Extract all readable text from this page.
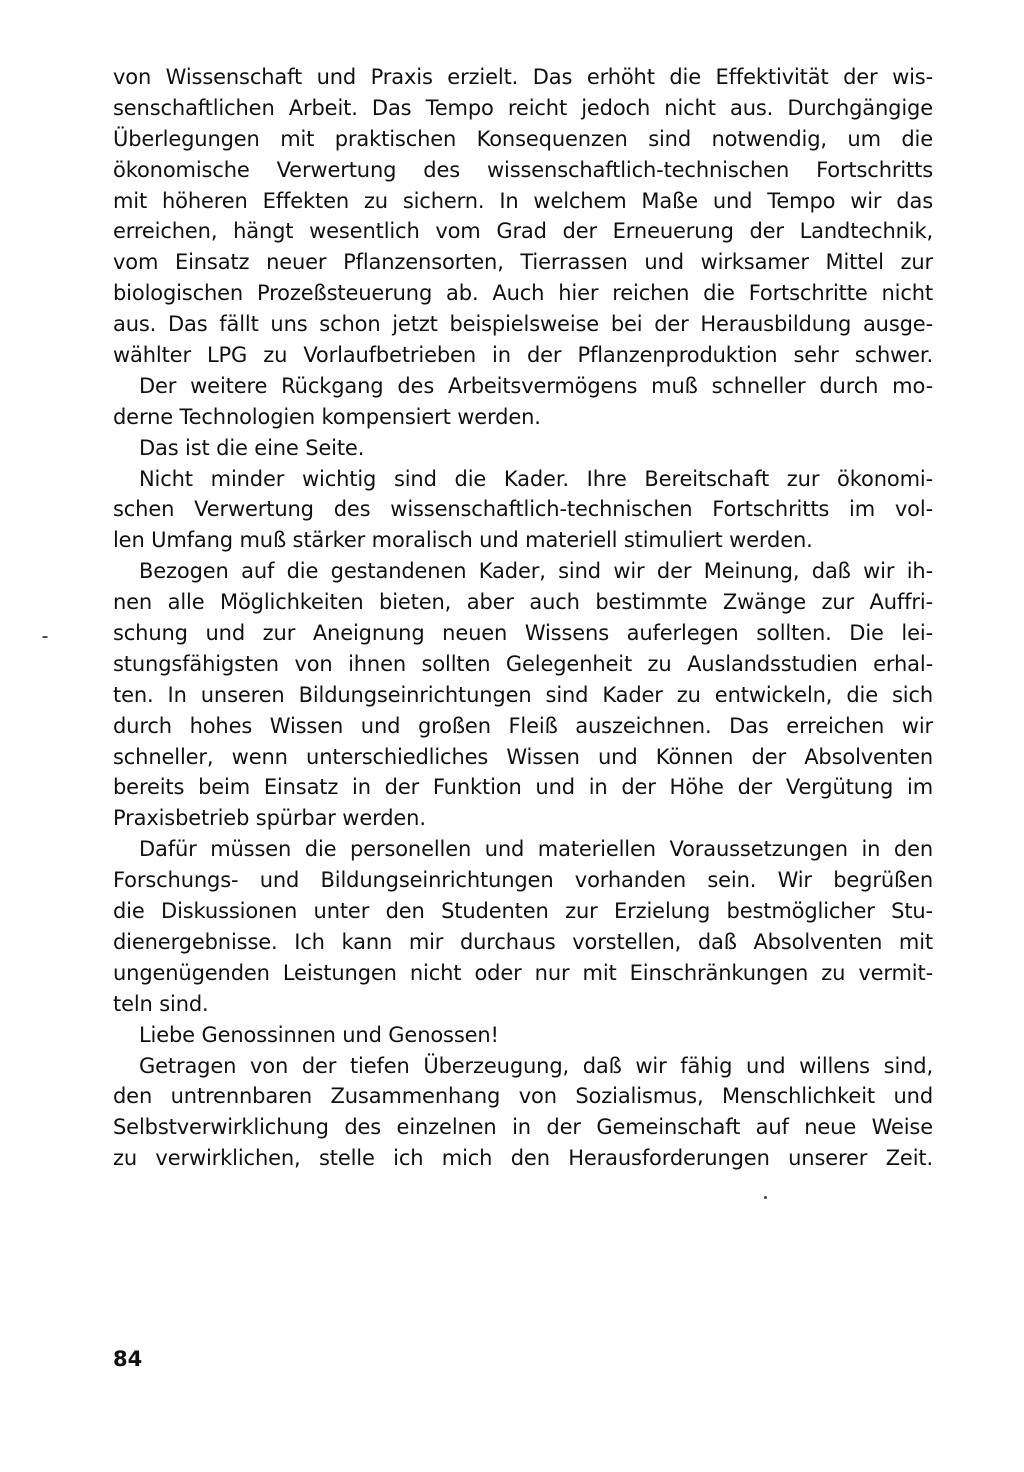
von Wissenschaft und Praxis erzielt. Das erhöht die Effektivität der wis-
senschaftlichen Arbeit. Das Tempo reicht jedoch nicht aus. Durchgängige
Überlegungen mit praktischen Konsequenzen sind notwendig, um die
ökonomische Verwertung des wissenschaftlich-technischen Fortschritts
mit höheren Effekten zu sichern. In welchem Maße und Tempo wir das
erreichen, hängt wesentlich vom Grad der Erneuerung der Landtechnik,
vom Einsatz neuer Pflanzensorten, Tierrassen und wirksamer Mittel zur
biologischen Prozeßsteuerung ab. Auch hier reichen die Fortschritte nicht
aus. Das fällt uns schon jetzt beispielsweise bei der Herausbildung ausge-
wählter LPG zu Vorlaufbetrieben in der Pflanzenproduktion sehr schwer.
Der weitere Rückgang des Arbeitsvermögens muß schneller durch mo-
derne Technologien kompensiert werden.
Das ist die eine Seite.
Nicht minder wichtig sind die Kader. Ihre Bereitschaft zur ökonomi-
schen Verwertung des wissenschaftlich-technischen Fortschritts im vol-
len Umfang muß stärker moralisch und materiell stimuliert werden.
Bezogen auf die gestandenen Kader, sind wir der Meinung, daß wir ih-
nen alle Möglichkeiten bieten, aber auch bestimmte Zwänge zur Auffri-
schung und zur Aneignung neuen Wissens auferlegen sollten. Die lei-
stungsfähigsten von ihnen sollten Gelegenheit zu Auslandsstudien erhal-
ten. In unseren Bildungseinrichtungen sind Kader zu entwickeln, die sich
durch hohes Wissen und großen Fleiß auszeichnen. Das erreichen wir
schneller, wenn unterschiedliches Wissen und Können der Absolventen
bereits beim Einsatz in der Funktion und in der Höhe der Vergütung im
Praxisbetrieb spürbar werden.
Dafür müssen die personellen und materiellen Voraussetzungen in den
Forschungs- und Bildungseinrichtungen vorhanden sein. Wir begrüßen
die Diskussionen unter den Studenten zur Erzielung bestmöglicher Stu-
dienergebnisse. Ich kann mir durchaus vorstellen, daß Absolventen mit
ungenügenden Leistungen nicht oder nur mit Einschränkungen zu vermit-
teln sind.
Liebe Genossinnen und Genossen!
Getragen von der tiefen Überzeugung, daß wir fähig und willens sind,
den untrennbaren Zusammenhang von Sozialismus, Menschlichkeit und
Selbstverwirklichung des einzelnen in der Gemeinschaft auf neue Weise
zu verwirklichen, stelle ich mich den Herausforderungen unserer Zeit.
84
